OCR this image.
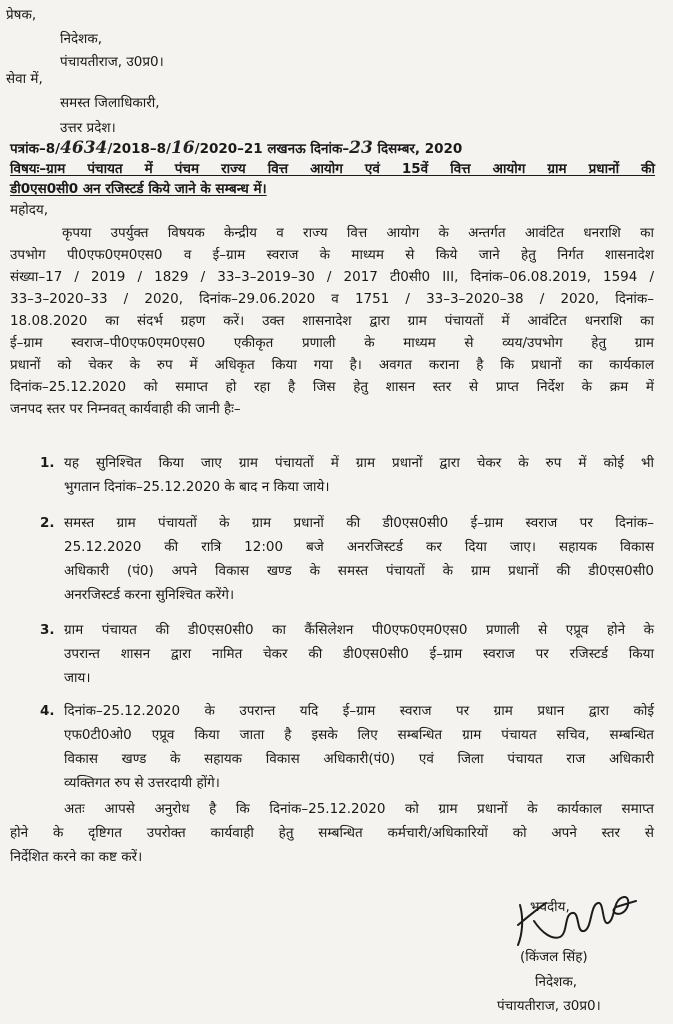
प्रेषक,
निदेशक,
पंचायतीराज, उ0प्र0।
सेवा में,
समस्त जिलाधिकारी,
उत्तर प्रदेश।
पत्रांक–8/4634/2018–8/16/2020–21 लखनऊ दिनांक–23 दिसम्बर, 2020
विषयः–ग्राम पंचायत में पंचम राज्य वित्त आयोग एवं 15वें वित्त आयोग ग्राम प्रधानों की
डी0एस0सी0 अन रजिस्टर्ड किये जाने के सम्बन्ध में।
महोदय,
कृपया उपर्युक्त विषयक केन्द्रीय व राज्य वित्त आयोग के अन्तर्गत आवंटित धनराशि का
उपभोग पी0एफ0एम0एस0 व ई–ग्राम स्वराज के माध्यम से किये जाने हेतु निर्गत शासनादेश
संख्या–17 / 2019 / 1829 / 33–3–2019–30 / 2017 टी0सी0 III, दिनांक–06.08.2019, 1594 /
33–3–2020–33 / 2020, दिनांक–29.06.2020 व 1751 / 33–3–2020–38 / 2020, दिनांक–
18.08.2020 का संदर्भ ग्रहण करें। उक्त शासनादेश द्वारा ग्राम पंचायतों में आवंटित धनराशि का
ई–ग्राम स्वराज–पी0एफ0एम0एस0 एकीकृत प्रणाली के माध्यम से व्यय/उपभोग हेतु ग्राम
प्रधानों को चेकर के रुप में अधिकृत किया गया है। अवगत कराना है कि प्रधानों का कार्यकाल
दिनांक–25.12.2020 को समाप्त हो रहा है जिस हेतु शासन स्तर से प्राप्त निर्देश के क्रम में
जनपद स्तर पर निम्नवत् कार्यवाही की जानी हैः–
1. यह सुनिश्चित किया जाए ग्राम पंचायतों में ग्राम प्रधानों द्वारा चेकर के रुप में कोई भी
भुगतान दिनांक–25.12.2020 के बाद न किया जाये।
2. समस्त ग्राम पंचायतों के ग्राम प्रधानों की डी0एस0सी0 ई–ग्राम स्वराज पर दिनांक–
25.12.2020 की रात्रि 12:00 बजे अनरजिस्टर्ड कर दिया जाए। सहायक विकास
अधिकारी (पं0) अपने विकास खण्ड के समस्त पंचायतों के ग्राम प्रधानों की डी0एस0सी0
अनरजिस्टर्ड करना सुनिश्चित करेंगे।
3. ग्राम पंचायत की डी0एस0सी0 का कैंसिलेशन पी0एफ0एम0एस0 प्रणाली से एप्रूव होने के
उपरान्त शासन द्वारा नामित चेकर की डी0एस0सी0 ई–ग्राम स्वराज पर रजिस्टर्ड किया
जाय।
4. दिनांक–25.12.2020 के उपरान्त यदि ई–ग्राम स्वराज पर ग्राम प्रधान द्वारा कोई
एफ0टी0ओ0 एप्रूव किया जाता है इसके लिए सम्बन्धित ग्राम पंचायत सचिव, सम्बन्धित
विकास खण्ड के सहायक विकास अधिकारी(पं0) एवं जिला पंचायत राज अधिकारी
व्यक्तिगत रुप से उत्तरदायी होंगे।
अतः आपसे अनुरोध है कि दिनांक–25.12.2020 को ग्राम प्रधानों के कार्यकाल समाप्त
होने के दृष्टिगत उपरोक्त कार्यवाही हेतु सम्बन्धित कर्मचारी/अधिकारियों को अपने स्तर से
निर्देशित करने का कष्ट करें।
भवदीय,
(किंजल सिंह)
निदेशक,
पंचायतीराज, उ0प्र0।
